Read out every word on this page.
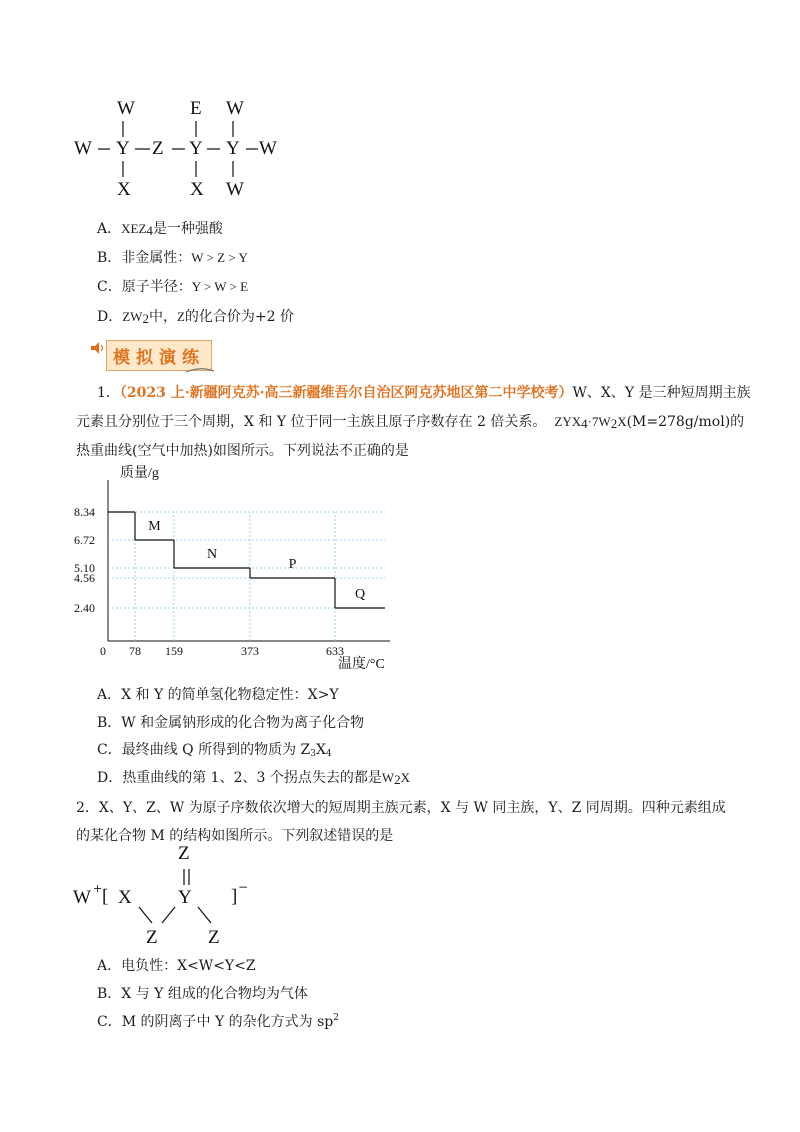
W	E W
W Y Z Y Y W
X	X W
A．XEZ4是一种强酸
B．非金属性：W > Z > Y
C．原子半径：Y > W > E
D．ZW2中，Z的化合价为+2 价
模拟演练
1．（2023 上·新疆阿克苏·高三新疆维吾尔自治区阿克苏地区第二中学校考）W、X、Y 是三种短周期主族
元素且分别位于三个周期，X 和 Y 位于同一主族且原子序数存在 2 倍关系。 ZYX4·7W2X(M=278g/mol)的
热重曲线(空气中加热)如图所示。下列说法不正确的是
质量/g
温度/°C
0
8.34
6.72
5.10
4.56
2.40
78 159	373	633
M
N
P
Q
A．X 和 Y 的简单氢化物稳定性：X>Y
B．W 和金属钠形成的化合物为离子化合物
C．最终曲线 Q 所得到的物质为 $Z_3X_4$
D．热重曲线的第 1、2、3 个拐点失去的都是W2X
2．X、Y、Z、W 为原子序数依次增大的短周期主族元素，X 与 W 同主族，Y、Z 同周期。四种元素组成
的某化合物 M 的结构如图所示。下列叙述错误的是
Z
W + [ X Y ] −
Z	Z
A．电负性：X<W<Y<Z
B．X 与 Y 组成的化合物均为气体
C．M 的阴离子中 Y 的杂化方式为 $sp^2$
